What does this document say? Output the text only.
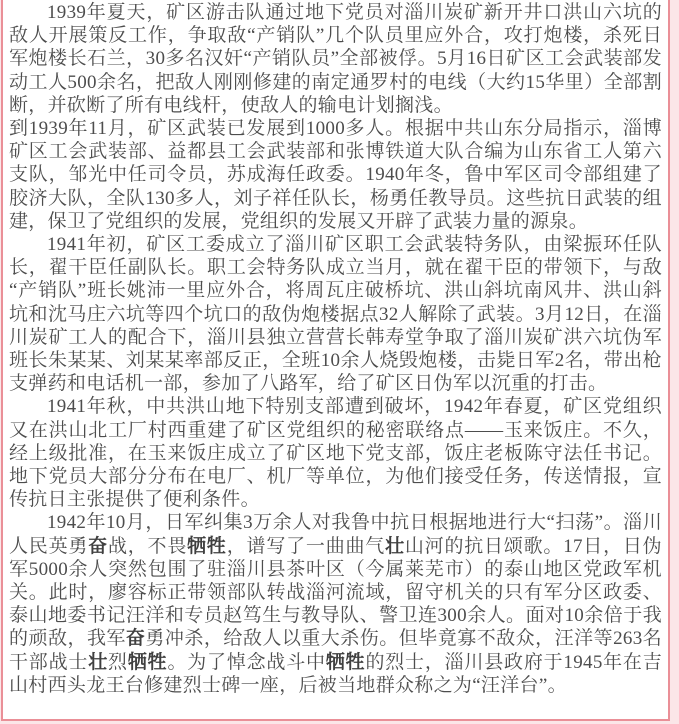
1939年夏天，矿区游击队通过地下党员对淄川炭矿新开井口洪山六坑的敌人开展策反工作，争取敌“产销队”几个队员里应外合，攻打炮楼，杀死日军炮楼长石兰，30多名汉奸“产销队员”全部被俘。5月16日矿区工会武装部发动工人500余名，把敌人刚刚修建的南定通罗村的电线（大约15华里）全部割断，并砍断了所有电线杆，使敌人的输电计划搁浅。

到1939年11月，矿区武装已发展到1000多人。根据中共山东分局指示，淄博矿区工会武装部、益都县工会武装部和张博铁道大队合编为山东省工人第六支队，邹光中任司令员，苏成海任政委。1940年冬，鲁中军区司令部组建了胶济大队，全队130多人，刘子祥任队长，杨勇任教导员。这些抗日武装的组建，保卫了党组织的发展，党组织的发展又开辟了武装力量的源泉。

1941年初，矿区工委成立了淄川矿区职工会武装特务队，由梁振环任队长，翟干臣任副队长。职工会特务队成立当月，就在翟干臣的带领下，与敌“产销队”班长姚沛一里应外合，将周瓦庄破桥坑、洪山斜坑南风井、洪山斜坑和沈马庄六坑等四个坑口的敌伪炮楼据点32人解除了武装。3月12日，在淄川炭矿工人的配合下，淄川县独立营营长韩寿堂争取了淄川炭矿洪六坑伪军班长朱某某、刘某某率部反正，全班10余人烧毁炮楼，击毙日军2名，带出枪支弹药和电话机一部，参加了八路军，给了矿区日伪军以沉重的打击。

1941年秋，中共洪山地下特别支部遭到破坏，1942年春夏，矿区党组织又在洪山北工厂村西重建了矿区党组织的秘密联络点——玉来饭庄。不久，经上级批准，在玉来饭庄成立了矿区地下党支部，饭庄老板陈守法任书记。地下党员大部分分布在电厂、机厂等单位，为他们接受任务，传送情报，宣传抗日主张提供了便利条件。

1942年10月，日军纠集3万余人对我鲁中抗日根据地进行大“扫荡”。淄川人民英勇奋战，不畏牺牲，谱写了一曲曲气壮山河的抗日颂歌。17日，日伪军5000余人突然包围了驻淄川县茶叶区（今属莱芜市）的泰山地区党政军机关。此时，廖容标正带领部队转战淄河流域，留守机关的只有军分区政委、泰山地委书记汪洋和专员赵笃生与教导队、警卫连300余人。面对10余倍于我的顽敌，我军奋勇冲杀，给敌人以重大杀伤。但毕竟寡不敌众，汪洋等263名干部战士壮烈牺牲。为了悼念战斗中牺牲的烈士，淄川县政府于1945年在吉山村西头龙王台修建烈士碑一座，后被当地群众称之为“汪洋台”。
